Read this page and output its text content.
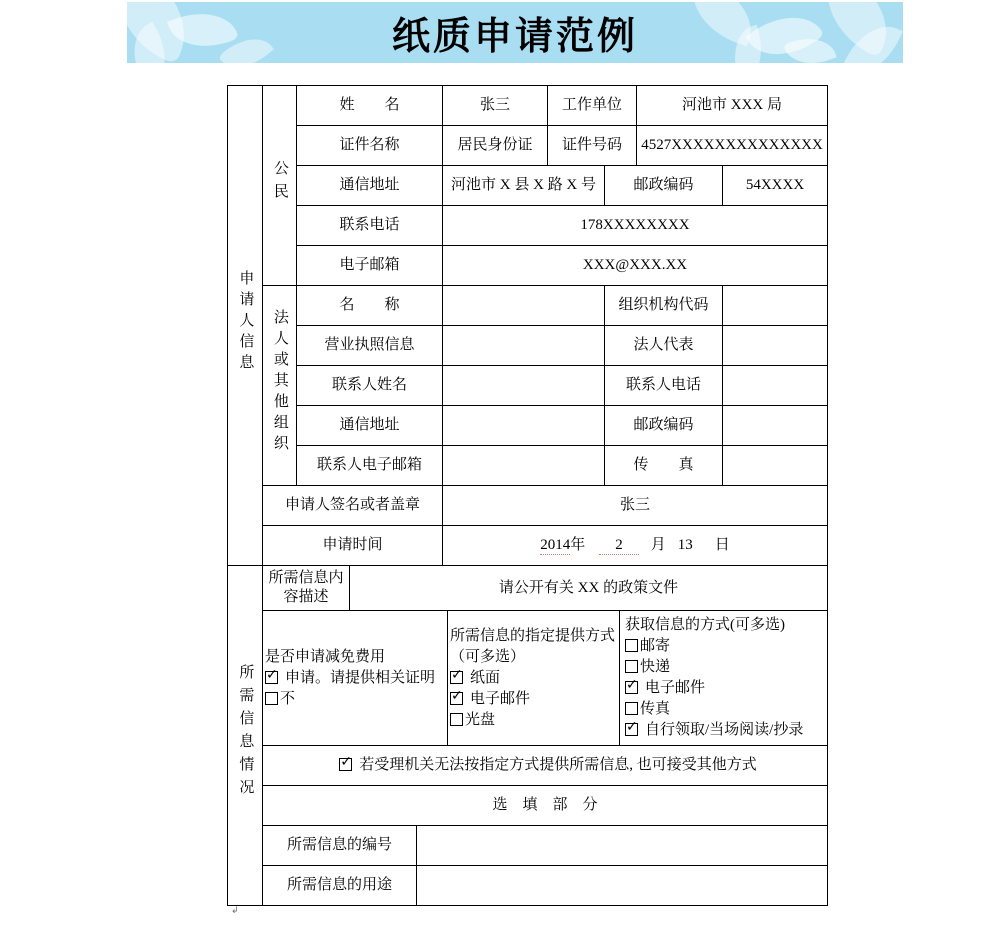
纸质申请范例
申请人信息	公民	姓　　名			张三		工作单位			河池市 XXX 局	
		证件名称			居民身份证		证件号码			4527XXXXXXXXXXXXXX	
		通信地址			河池市 X 县 X 路 X 号			邮政编码			54XXXX
		联系电话			178XXXXXXXX						
		电子邮箱			XXX@XXX.XX						
	法人或其他组织	名　　称						组织机构代码			
		营业执照信息						法人代表			
		联系人姓名						联系人电话			
		通信地址						邮政编码			
		联系人电子邮箱						传　　真			
	申请人签名或者盖章				张三						
	申请时间				2014年 2 月 13 日						
所需信息情况	所需信息内容描述		请公开有关 XX 的政策文件								

是否申请减免费用
✓申请。请提供相关证明
不

所需信息的指定提供方式（可多选）
✓纸面
✓电子邮件
光盘

获取信息的方式(可多选)
邮寄
快递
✓电子邮件
传真
✓自行领取/当场阅读/抄录

✓若受理机关无法按指定方式提供所需信息, 也可接受其他方式
	选　填　部　分										
	所需信息的编号										
	所需信息的用途										
↲
